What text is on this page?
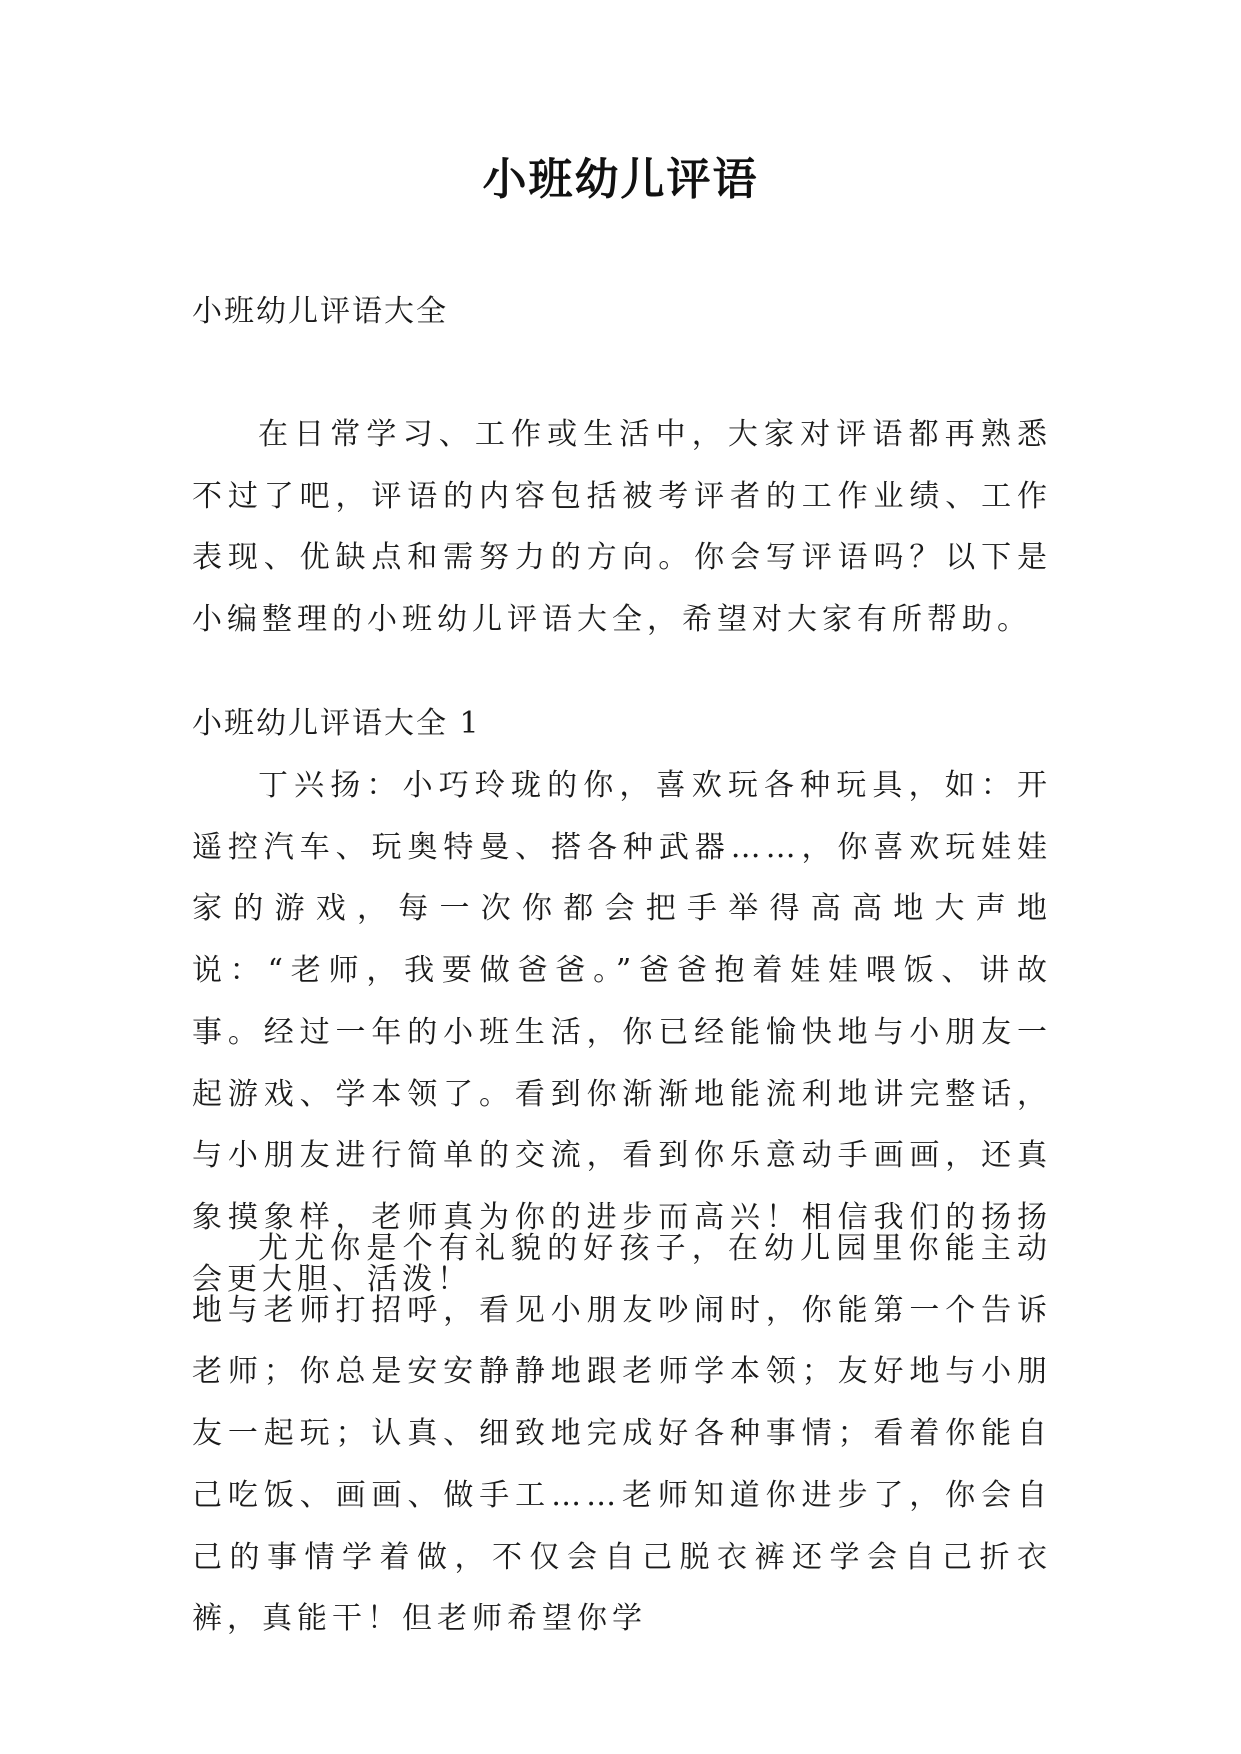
小班幼儿评语
小班幼儿评语大全

在日常学习、工作或生活中，大家对评语都再熟悉不过了吧，评语的内容包括被考评者的工作业绩、工作表现、优缺点和需努力的方向。你会写评语吗？以下是小编整理的小班幼儿评语大全，希望对大家有所帮助。

小班幼儿评语大全 1

丁兴扬：小巧玲珑的你，喜欢玩各种玩具，如：开遥控汽车、玩奥特曼、搭各种武器……，你喜欢玩娃娃家的游戏，每一次你都会把手举得高高地大声地说：“老师，我要做爸爸。”爸爸抱着娃娃喂饭、讲故事。经过一年的小班生活，你已经能愉快地与小朋友一起游戏、学本领了。看到你渐渐地能流利地讲完整话，与小朋友进行简单的交流，看到你乐意动手画画，还真象摸象样，老师真为你的进步而高兴！相信我们的扬扬会更大胆、活泼！

尤尤你是个有礼貌的好孩子，在幼儿园里你能主动地与老师打招呼，看见小朋友吵闹时，你能第一个告诉老师；你总是安安静静地跟老师学本领；友好地与小朋友一起玩；认真、细致地完成好各种事情；看着你能自己吃饭、画画、做手工……老师知道你进步了，你会自己的事情学着做，不仅会自己脱衣裤还学会自己折衣裤，真能干！但老师希望你学
